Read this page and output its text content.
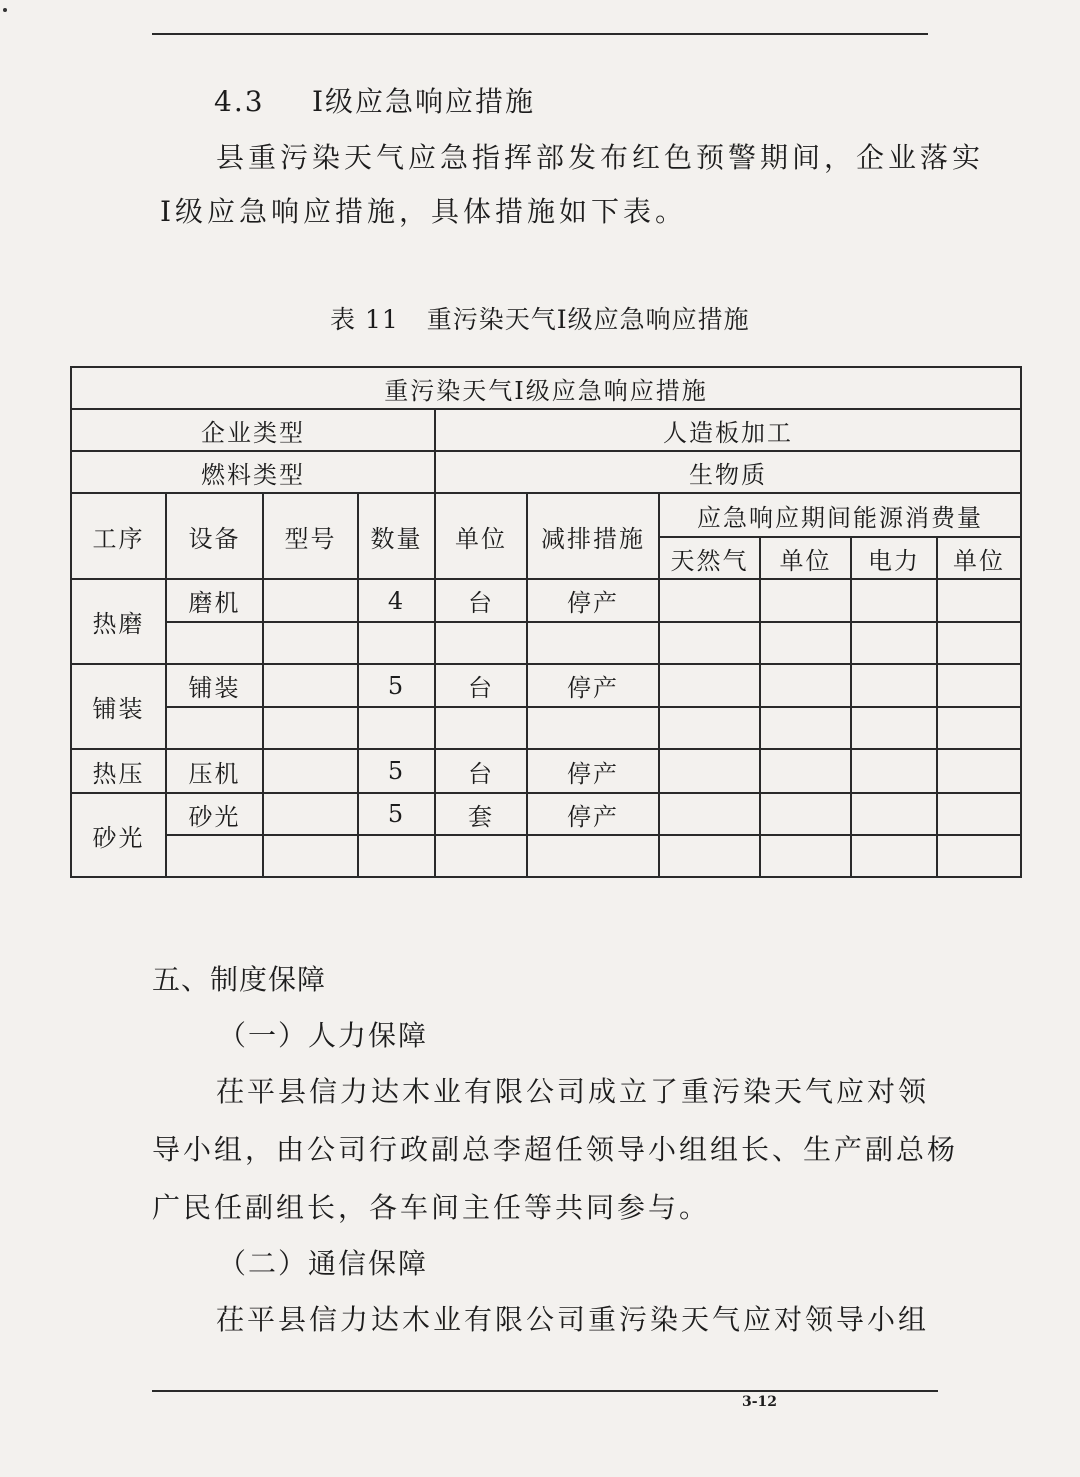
4.3 Ⅰ级应急响应措施
县重污染天气应急指挥部发布红色预警期间，企业落实
Ⅰ级应急响应措施，具体措施如下表。
表 11 重污染天气Ⅰ级应急响应措施
重污染天气Ⅰ级应急响应措施									
企业类型				人造板加工					
燃料类型				生物质					
工序	设备	型号	数量	单位	减排措施	应急响应期间能源消费量			
						天然气	单位	电力	单位
热磨	磨机		4	台	停产				

铺装	铺装		5	台	停产				

热压	压机		5	台	停产				
砂光	砂光		5	套	停产				

五、制度保障
（一）人力保障
茌平县信力达木业有限公司成立了重污染天气应对领
导小组，由公司行政副总李超任领导小组组长、生产副总杨
广民任副组长，各车间主任等共同参与。
（二）通信保障
茌平县信力达木业有限公司重污染天气应对领导小组
3-12
